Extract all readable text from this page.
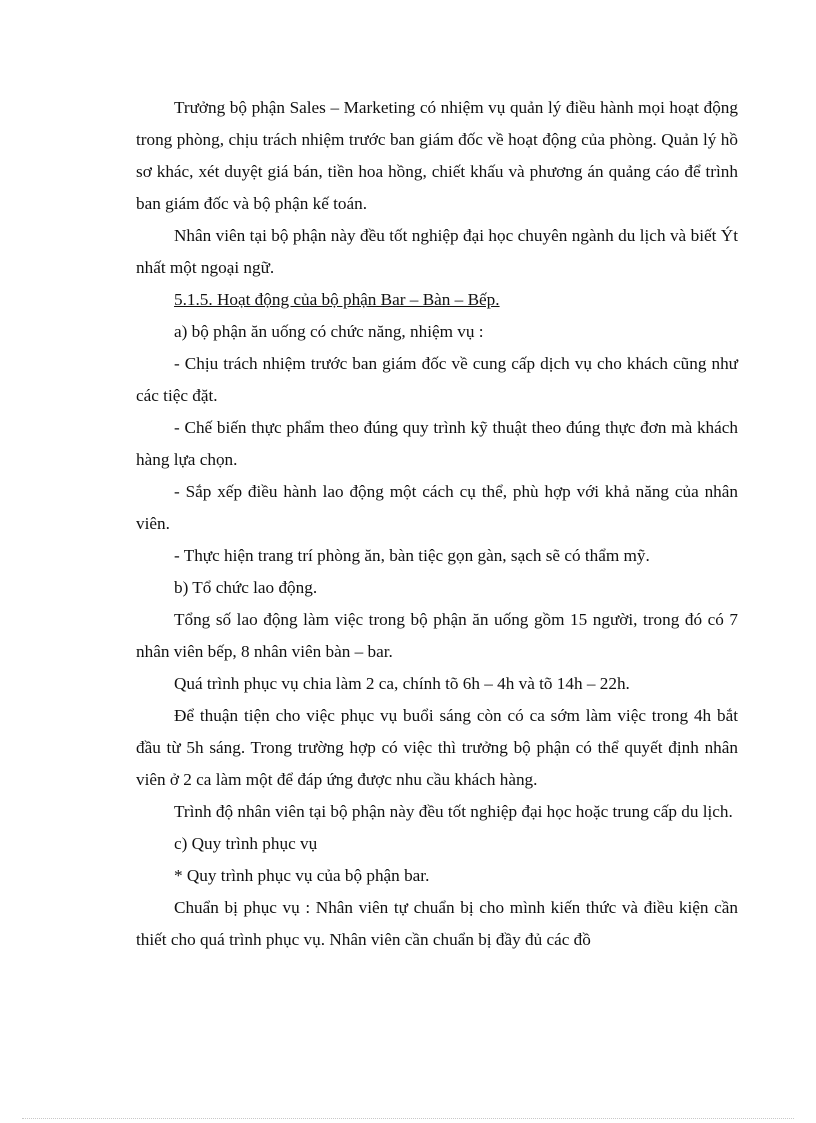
Trưởng bộ phận Sales – Marketing có nhiệm vụ quản lý điều hành mọi hoạt động trong phòng, chịu trách nhiệm trước ban giám đốc về hoạt động của phòng. Quản lý hồ sơ khác, xét duyệt giá bán, tiền hoa hồng, chiết khấu và phương án quảng cáo để trình ban giám đốc và bộ phận kế toán.

Nhân viên tại bộ phận này đều tốt nghiệp đại học chuyên ngành du lịch và biết Ýt nhất một ngoại ngữ.

5.1.5. Hoạt động của bộ phận Bar – Bàn – Bếp.

a) bộ phận ăn uống có chức năng, nhiệm vụ :

- Chịu trách nhiệm trước ban giám đốc về cung cấp dịch vụ cho khách cũng như các tiệc đặt.

- Chế biến thực phẩm theo đúng quy trình kỹ thuật theo đúng thực đơn mà khách hàng lựa chọn.

- Sắp xếp điều hành lao động một cách cụ thể, phù hợp với khả năng của nhân viên.

- Thực hiện trang trí phòng ăn, bàn tiệc gọn gàn, sạch sẽ có thẩm mỹ.

b) Tổ chức lao động.

Tổng số lao động làm việc trong bộ phận ăn uống gồm 15 người, trong đó có 7 nhân viên bếp, 8 nhân viên bàn – bar.

Quá trình phục vụ chia làm 2 ca, chính tõ 6h – 4h và tõ 14h – 22h.

Để thuận tiện cho việc phục vụ buổi sáng còn có ca sớm làm việc trong 4h bắt đầu từ 5h sáng. Trong trường hợp có việc thì trưởng bộ phận có thể quyết định nhân viên ở 2 ca làm một để đáp ứng được nhu cầu khách hàng.

Trình độ nhân viên tại bộ phận này đều tốt nghiệp đại học hoặc trung cấp du lịch.

c) Quy trình phục vụ

* Quy trình phục vụ của bộ phận bar.

Chuẩn bị phục vụ : Nhân viên tự chuẩn bị cho mình kiến thức và điều kiện cần thiết cho quá trình phục vụ. Nhân viên cần chuẩn bị đầy đủ các đồ
